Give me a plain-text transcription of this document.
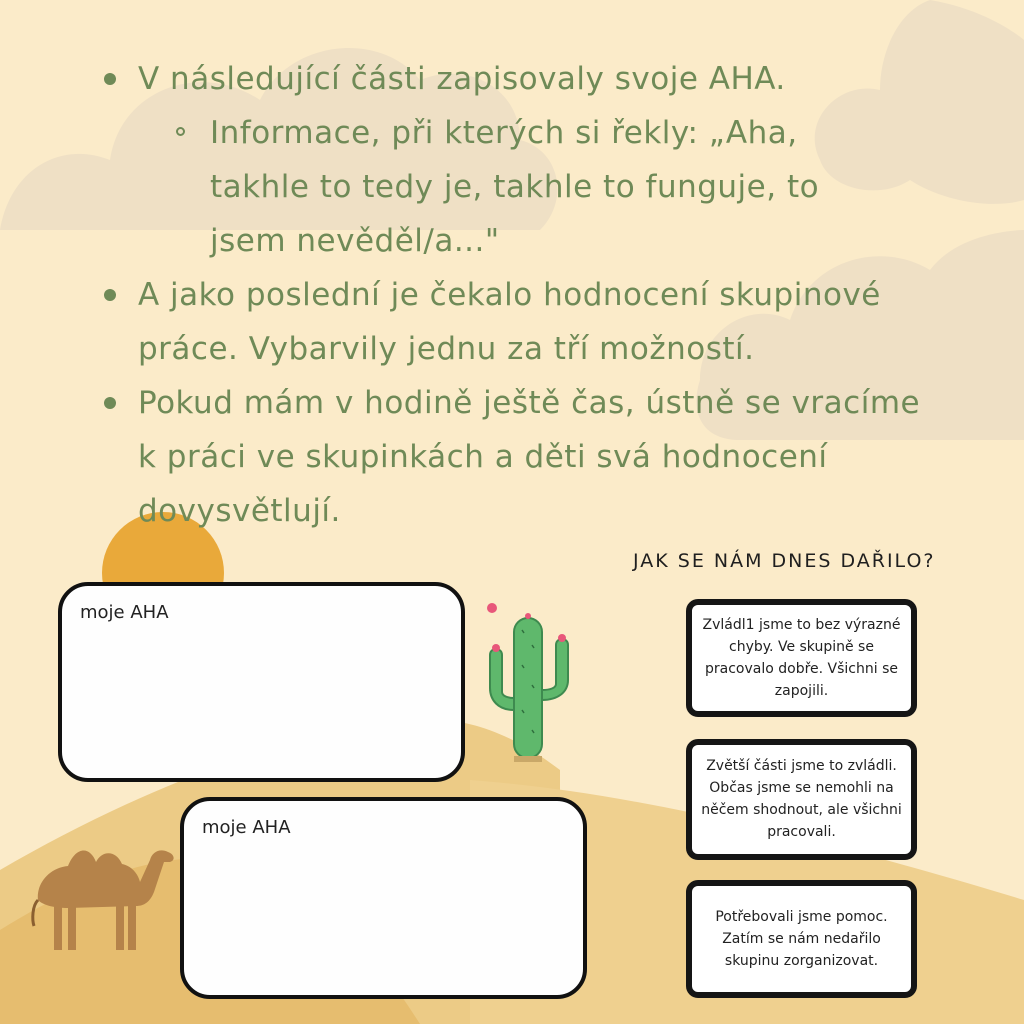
V následující části zapisovaly svoje AHA.
Informace, při kterých si řekly: „Aha,
takhle to tedy je, takhle to funguje, to
jsem nevěděl/a..."
A jako poslední je čekalo hodnocení skupinové
práce. Vybarvily jednu za tří možností.
Pokud mám v hodině ještě čas, ústně se vracíme
k práci ve skupinkách a děti svá hodnocení
dovysvětlují.
JAK SE NÁM DNES DAŘILO?
moje AHA
moje AHA
Zvládl1 jsme to bez výrazné chyby. Ve skupině se pracovalo dobře. Všichni se zapojili.
Zvětší části jsme to zvládli. Občas jsme se nemohli na něčem shodnout, ale všichni pracovali.
Potřebovali jsme pomoc. Zatím se nám nedařilo skupinu zorganizovat.
